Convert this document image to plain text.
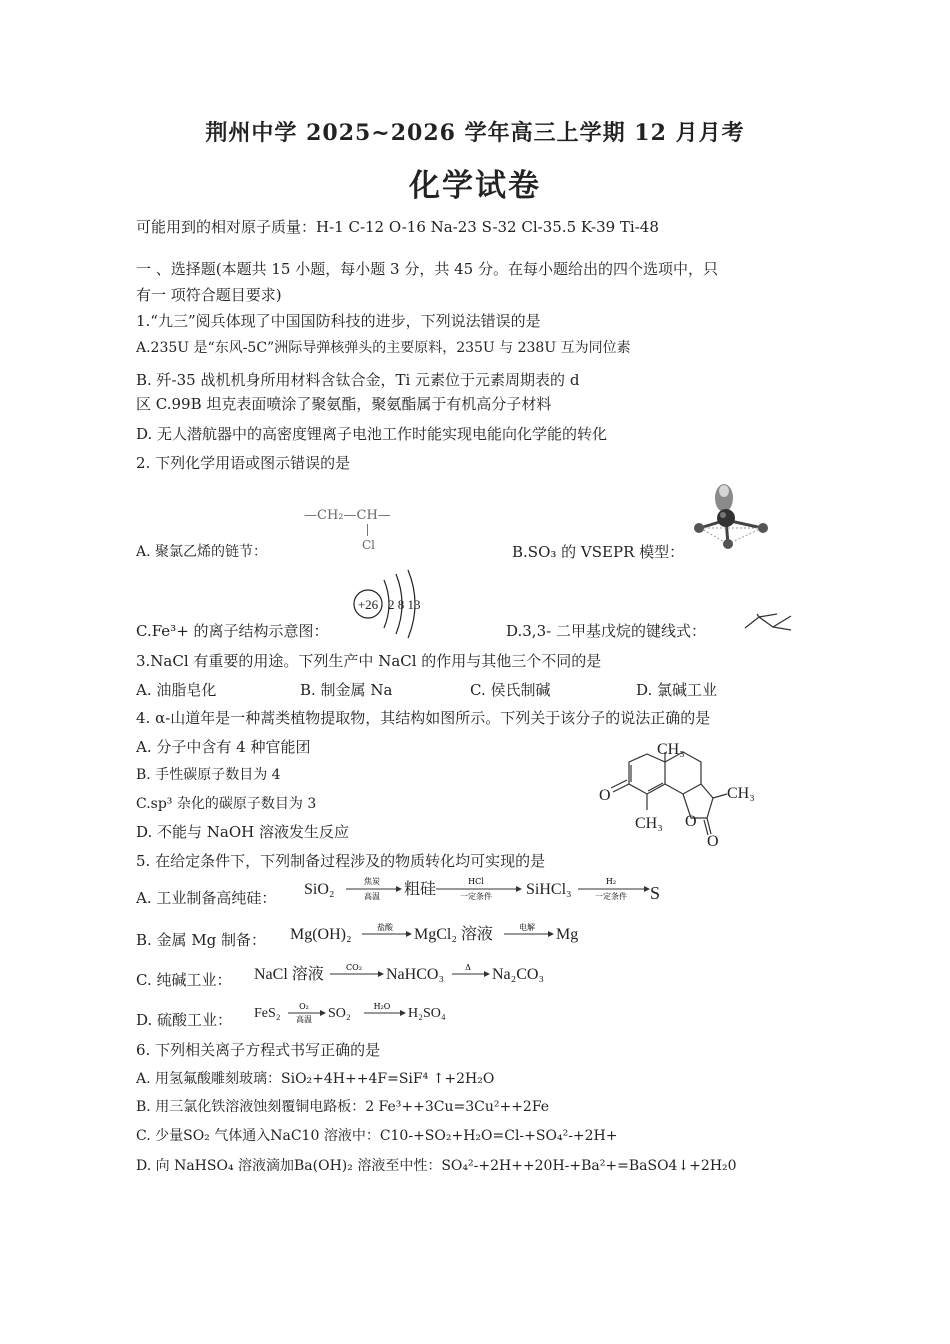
荆州中学 2025~2026 学年高三上学期 12 月月考
化学试卷
可能用到的相对原子质量：H-1 C-12 O-16 Na-23 S-32 Cl-35.5 K-39 Ti-48
一 、选择题(本题共 15 小题，每小题 3 分，共 45 分。在每小题给出的四个选项中，只
有一 项符合题目要求)
1.“九三”阅兵体现了中国国防科技的进步，下列说法错误的是
A.235U 是“东风-5C”洲际导弹核弹头的主要原料，235U 与 238U 互为同位素
B. 歼-35 战机机身所用材料含钛合金，Ti 元素位于元素周期表的 d
区 C.99B 坦克表面喷涂了聚氨酯，聚氨酯属于有机高分子材料
D. 无人潜航器中的高密度锂离子电池工作时能实现电能向化学能的转化
2. 下列化学用语或图示错误的是
A. 聚氯乙烯的链节：
—CH₂—CH—
Cl	B.SO₃ 的 VSEPR 模型：
C.Fe³+ 的离子结构示意图：
+26 2 8 13
D.3,3- 二甲基戊烷的键线式：
3.NaCl 有重要的用途。下列生产中 NaCl 的作用与其他三个不同的是
A. 油脂皂化	B. 制金属 Na	C. 侯氏制碱	D. 氯碱工业
4. α-山道年是一种蒿类植物提取物，其结构如图所示。下列关于该分子的说法正确的是
A. 分子中含有 4 种官能团
B. 手性碳原子数目为 4
C.sp³ 杂化的碳原子数目为 3
D. 不能与 NaOH 溶液发生反应
CH₃
CH₃
CH₃
O
O
O
5. 在给定条件下，下列制备过程涉及的物质转化均可实现的是
A. 工业制备高纯硅： SiO₂	焦炭
高温 粗硅	HCl
一定条件 SiHCl₃	H₂
一定条件 S
B. 金属 Mg 制备： Mg(OH)₂	盐酸 MgCl₂ 溶液	电解 Mg
C. 纯碱工业： NaCl 溶液	CO₂ NaHCO₃	Δ Na₂CO₃
D. 硫酸工业： FeS₂ O₂
高温 SO₂	H₂O H₂SO₄
6. 下列相关离子方程式书写正确的是
A. 用氢氟酸雕刻玻璃：SiO₂+4H++4F=SiF⁴ ↑+2H₂O
B. 用三氯化铁溶液蚀刻覆铜电路板：2 Fe³++3Cu=3Cu²++2Fe
C. 少量SO₂ 气体通入NaC10 溶液中：C10-+SO₂+H₂O=Cl-+SO₄²-+2H+
D. 向 NaHSO₄ 溶液滴加Ba(OH)₂ 溶液至中性：SO₄²-+2H++20H-+Ba²+=BaSO4↓+2H₂0
